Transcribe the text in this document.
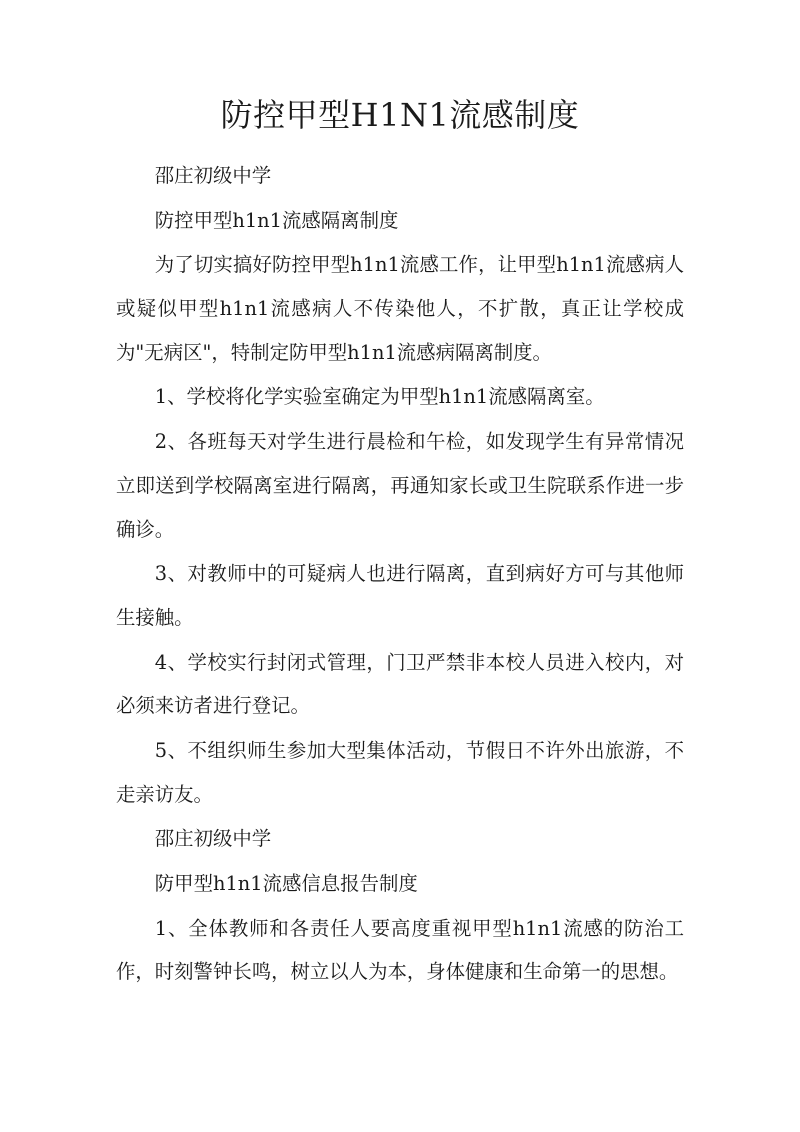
防控甲型H1N1流感制度

邵庄初级中学

防控甲型h1n1流感隔离制度

为了切实搞好防控甲型h1n1流感工作，让甲型h1n1流感病人或疑似甲型h1n1流感病人不传染他人，不扩散，真正让学校成为"无病区"，特制定防甲型h1n1流感病隔离制度。

1、学校将化学实验室确定为甲型h1n1流感隔离室。

2、各班每天对学生进行晨检和午检，如发现学生有异常情况立即送到学校隔离室进行隔离，再通知家长或卫生院联系作进一步确诊。

3、对教师中的可疑病人也进行隔离，直到病好方可与其他师生接触。

4、学校实行封闭式管理，门卫严禁非本校人员进入校内，对必须来访者进行登记。

5、不组织师生参加大型集体活动，节假日不许外出旅游，不走亲访友。

邵庄初级中学

防甲型h1n1流感信息报告制度

1、全体教师和各责任人要高度重视甲型h1n1流感的防治工作，时刻警钟长鸣，树立以人为本，身体健康和生命第一的思想。
